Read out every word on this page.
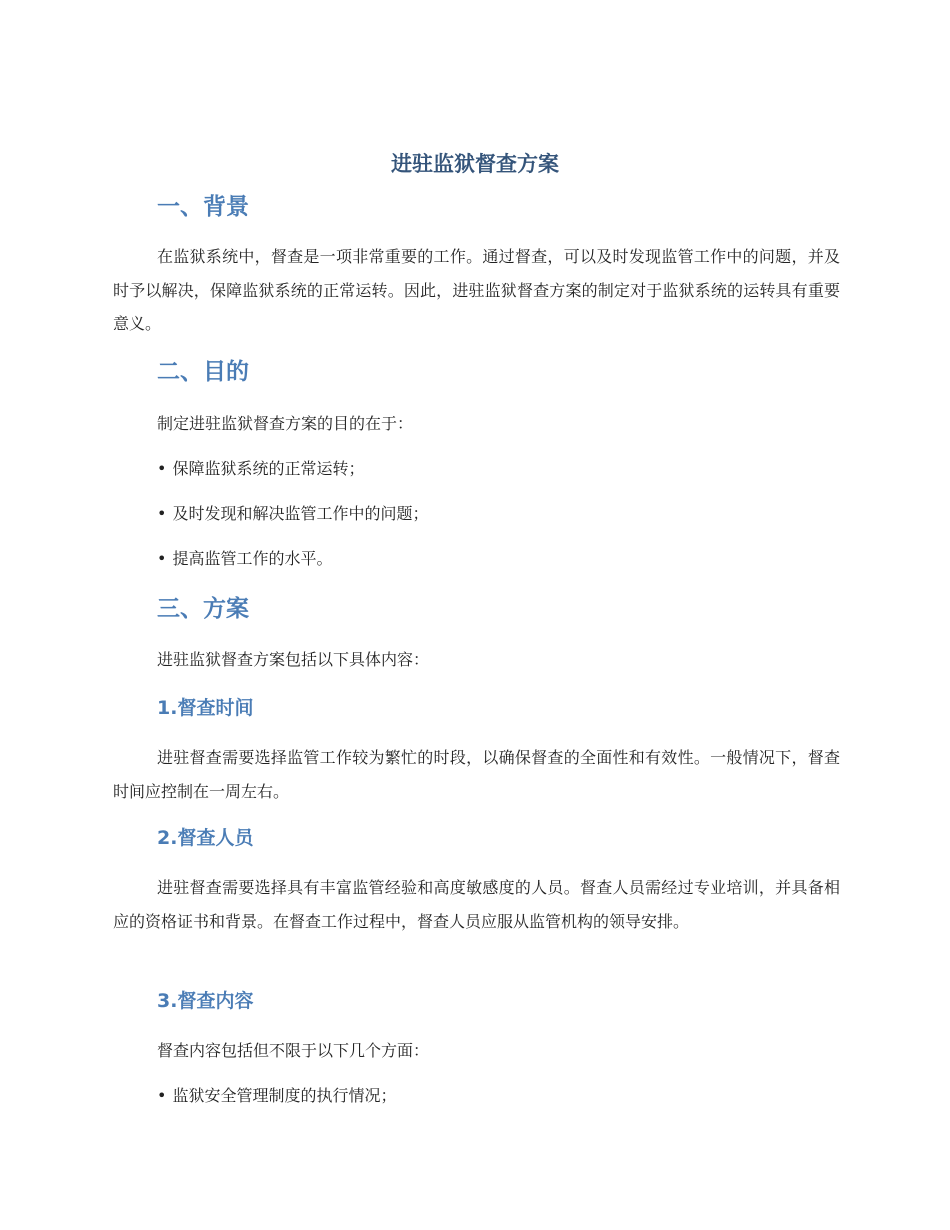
进驻监狱督查方案
一、背景

在监狱系统中，督查是一项非常重要的工作。通过督查，可以及时发现监管工作中的问题，并及时予以解决，保障监狱系统的正常运转。因此，进驻监狱督查方案的制定对于监狱系统的运转具有重要意义。

二、目的
制定进驻监狱督查方案的目的在于：
• 保障监狱系统的正常运转；
• 及时发现和解决监管工作中的问题；
• 提高监管工作的水平。
三、方案
进驻监狱督查方案包括以下具体内容：
1.督查时间

进驻督查需要选择监管工作较为繁忙的时段，以确保督查的全面性和有效性。一般情况下，督查时间应控制在一周左右。

2.督查人员

进驻督查需要选择具有丰富监管经验和高度敏感度的人员。督查人员需经过专业培训，并具备相应的资格证书和背景。在督查工作过程中，督查人员应服从监管机构的领导安排。

3.督查内容
督查内容包括但不限于以下几个方面：
• 监狱安全管理制度的执行情况；
